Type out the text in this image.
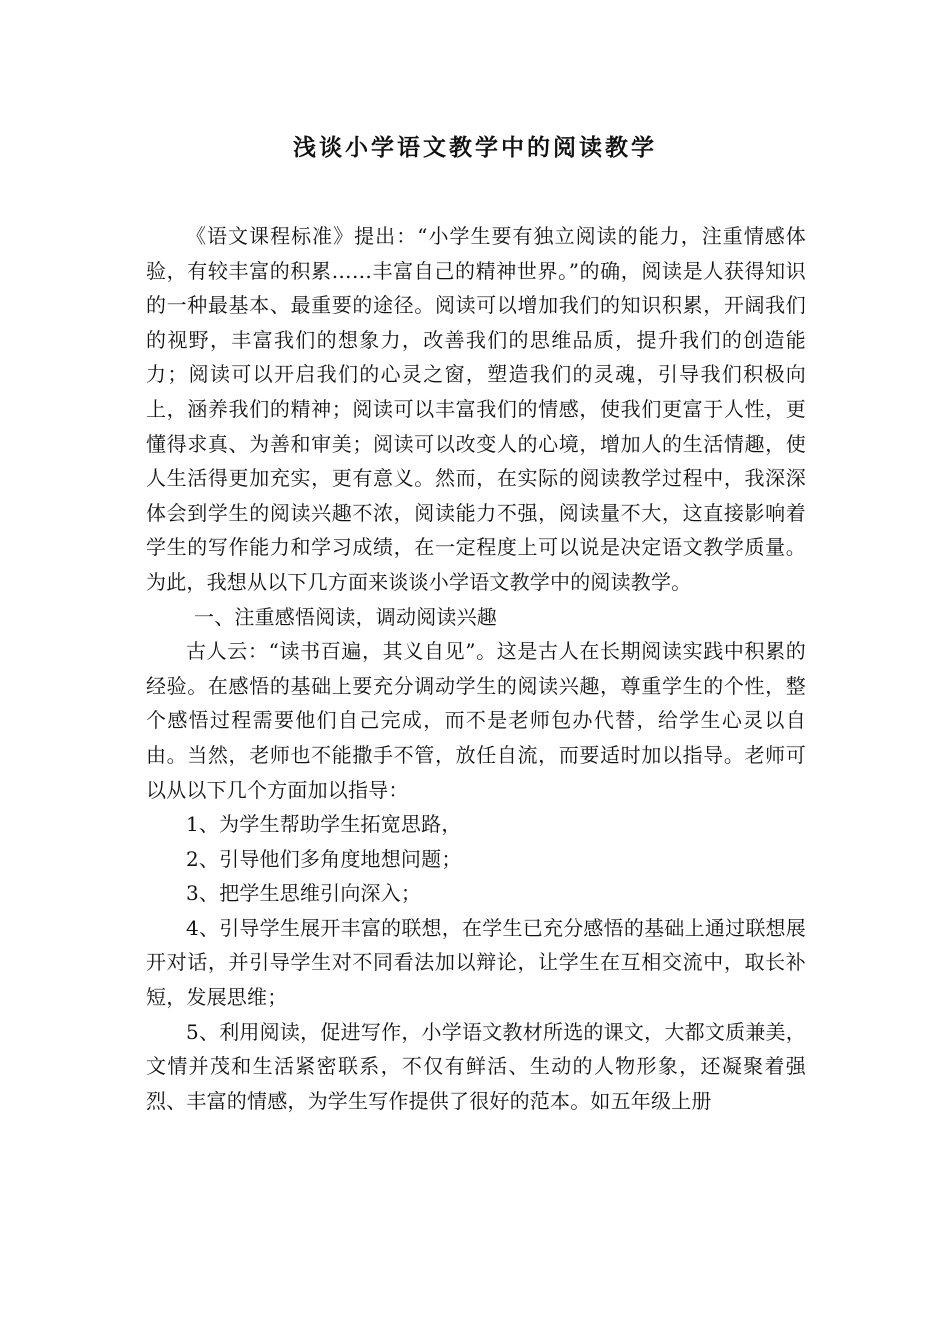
浅谈小学语文教学中的阅读教学

《语文课程标准》提出：“小学生要有独立阅读的能力，注重情感体验，有较丰富的积累……丰富自己的精神世界。”的确，阅读是人获得知识的一种最基本、最重要的途径。阅读可以增加我们的知识积累，开阔我们的视野，丰富我们的想象力，改善我们的思维品质，提升我们的创造能力；阅读可以开启我们的心灵之窗，塑造我们的灵魂，引导我们积极向上，涵养我们的精神；阅读可以丰富我们的情感，使我们更富于人性，更懂得求真、为善和审美；阅读可以改变人的心境，增加人的生活情趣，使人生活得更加充实，更有意义。然而，在实际的阅读教学过程中，我深深体会到学生的阅读兴趣不浓，阅读能力不强，阅读量不大，这直接影响着学生的写作能力和学习成绩，在一定程度上可以说是决定语文教学质量。为此，我想从以下几方面来谈谈小学语文教学中的阅读教学。

一、注重感悟阅读，调动阅读兴趣

古人云：“读书百遍，其义自见”。这是古人在长期阅读实践中积累的经验。在感悟的基础上要充分调动学生的阅读兴趣，尊重学生的个性，整个感悟过程需要他们自己完成，而不是老师包办代替，给学生心灵以自由。当然，老师也不能撒手不管，放任自流，而要适时加以指导。老师可以从以下几个方面加以指导：

1、为学生帮助学生拓宽思路，

2、引导他们多角度地想问题；

3、把学生思维引向深入；

4、引导学生展开丰富的联想，在学生已充分感悟的基础上通过联想展开对话，并引导学生对不同看法加以辩论，让学生在互相交流中，取长补短，发展思维；

5、利用阅读，促进写作，小学语文教材所选的课文，大都文质兼美，文情并茂和生活紧密联系，不仅有鲜活、生动的人物形象，还凝聚着强烈、丰富的情感，为学生写作提供了很好的范本。如五年级上册
